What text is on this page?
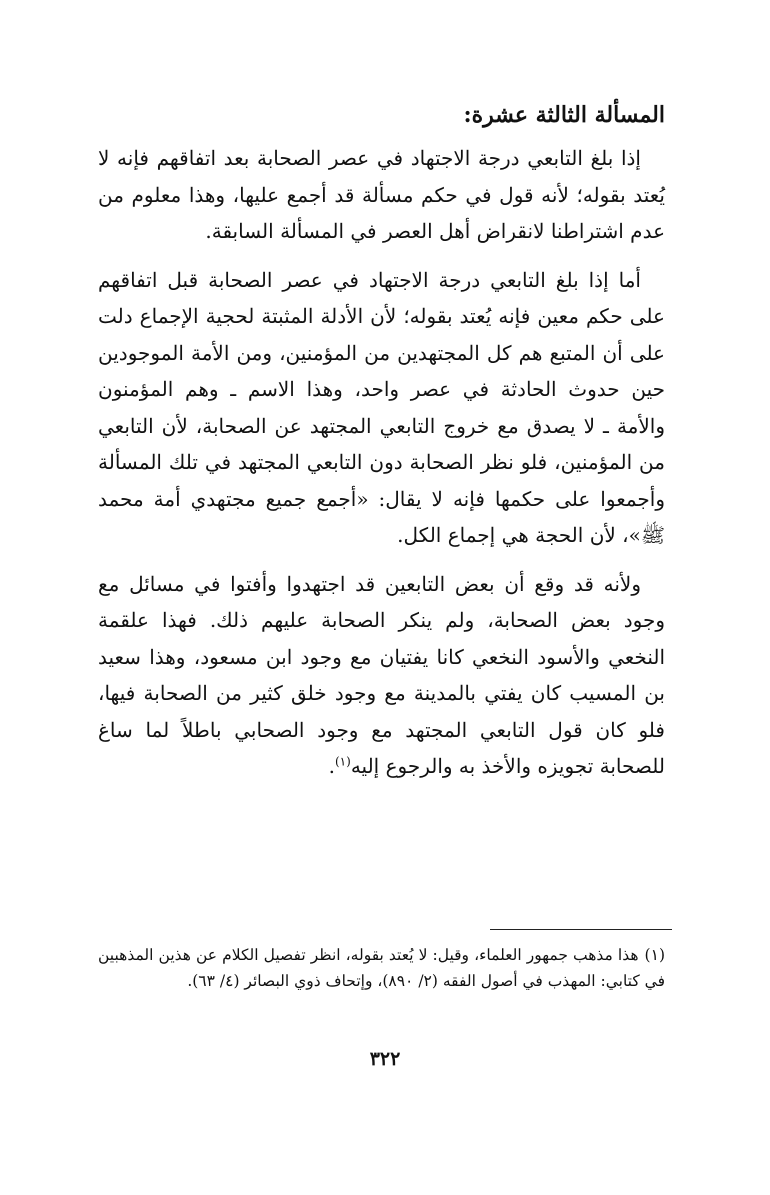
المسألة الثالثة عشرة:

إذا بلغ التابعي درجة الاجتهاد في عصر الصحابة بعد اتفاقهم فإنه لا يُعتد بقوله؛ لأنه قول في حكم مسألة قد أجمع عليها، وهذا معلوم من عدم اشتراطنا لانقراض أهل العصر في المسألة السابقة.

أما إذا بلغ التابعي درجة الاجتهاد في عصر الصحابة قبل اتفاقهم على حكم معين فإنه يُعتد بقوله؛ لأن الأدلة المثبتة لحجية الإجماع دلت على أن المتبع هم كل المجتهدين من المؤمنين، ومن الأمة الموجودين حين حدوث الحادثة في عصر واحد، وهذا الاسم ـ وهم المؤمنون والأمة ـ لا يصدق مع خروج التابعي المجتهد عن الصحابة، لأن التابعي من المؤمنين، فلو نظر الصحابة دون التابعي المجتهد في تلك المسألة وأجمعوا على حكمها فإنه لا يقال: «أجمع جميع مجتهدي أمة محمد ﷺ»، لأن الحجة هي إجماع الكل.

ولأنه قد وقع أن بعض التابعين قد اجتهدوا وأفتوا في مسائل مع وجود بعض الصحابة، ولم ينكر الصحابة عليهم ذلك. فهذا علقمة النخعي والأسود النخعي كانا يفتيان مع وجود ابن مسعود، وهذا سعيد بن المسيب كان يفتي بالمدينة مع وجود خلق كثير من الصحابة فيها، فلو كان قول التابعي المجتهد مع وجود الصحابي باطلاً لما ساغ للصحابة تجويزه والأخذ به والرجوع إليه$^{(١)}$.

(١)هذا مذهب جمهور العلماء، وقيل: لا يُعتد بقوله، انظر تفصيل الكلام عن هذين المذهبين في كتابي: المهذب في أصول الفقه (٢/ ٨٩٠)، وإتحاف ذوي البصائر (٤/ ٦٣).
٣٢٢
